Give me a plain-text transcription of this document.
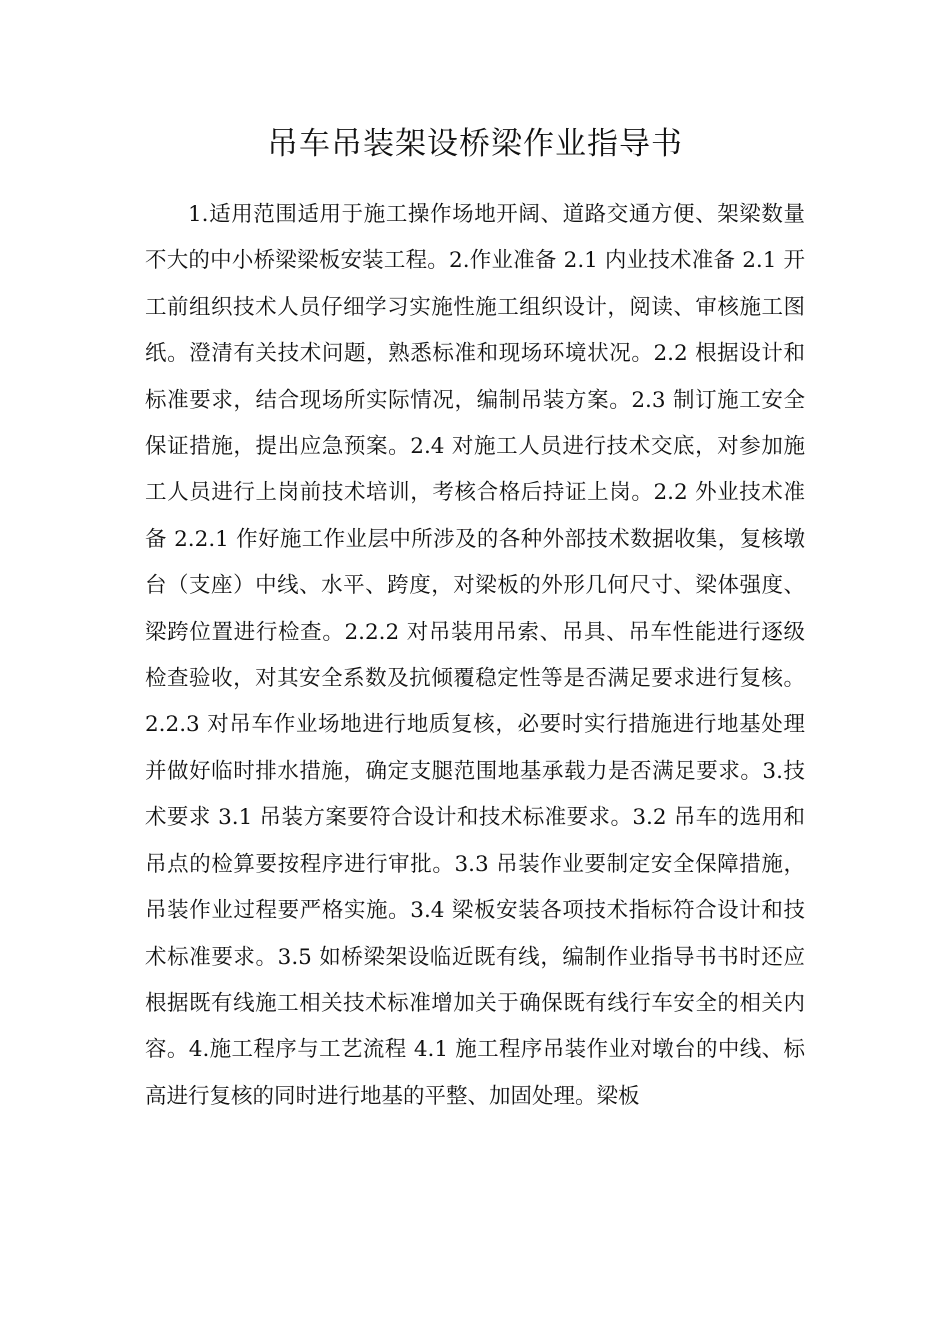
吊车吊装架设桥梁作业指导书

1.适用范围适用于施工操作场地开阔、道路交通方便、架梁数量不大的中小桥梁梁板安装工程。2.作业准备 2.1 内业技术准备 2.1 开工前组织技术人员仔细学习实施性施工组织设计，阅读、审核施工图纸。澄清有关技术问题，熟悉标准和现场环境状况。2.2 根据设计和标准要求，结合现场所实际情况，编制吊装方案。2.3 制订施工安全保证措施，提出应急预案。2.4 对施工人员进行技术交底，对参加施工人员进行上岗前技术培训，考核合格后持证上岗。2.2 外业技术准备 2.2.1 作好施工作业层中所涉及的各种外部技术数据收集，复核墩台（支座）中线、水平、跨度，对梁板的外形几何尺寸、梁体强度、梁跨位置进行检查。2.2.2 对吊装用吊索、吊具、吊车性能进行逐级检查验收，对其安全系数及抗倾覆稳定性等是否满足要求进行复核。2.2.3 对吊车作业场地进行地质复核，必要时实行措施进行地基处理并做好临时排水措施，确定支腿范围地基承载力是否满足要求。3.技术要求 3.1 吊装方案要符合设计和技术标准要求。3.2 吊车的选用和吊点的检算要按程序进行审批。3.3 吊装作业要制定安全保障措施，吊装作业过程要严格实施。3.4 梁板安装各项技术指标符合设计和技术标准要求。3.5 如桥梁架设临近既有线，编制作业指导书书时还应根据既有线施工相关技术标准增加关于确保既有线行车安全的相关内容。4.施工程序与工艺流程 4.1 施工程序吊装作业对墩台的中线、标高进行复核的同时进行地基的平整、加固处理。梁板
